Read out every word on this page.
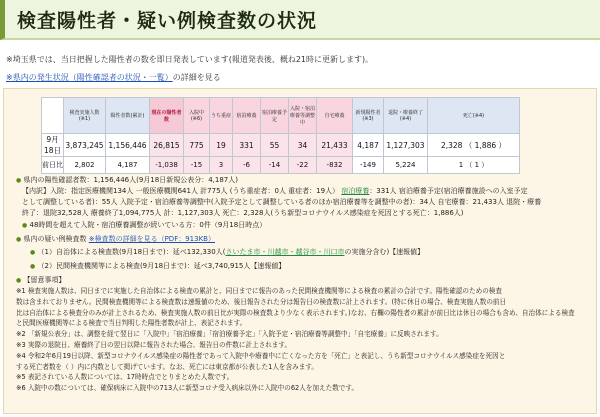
検査陽性者・疑い例検査数の状況
※埼玉県では、当日把握した陽性者の数を即日発表しています(報道発表後、概ね21時に更新します)。
※県内の発生状況（陽性確認者の状況・一覧）の詳細を見る
	検査実施人数(※1)	陽性者数(累計)	現在の陽性者数	入院中(※6)	うち重症	宿泊療養	宿泊療養予定	入院・宿泊療養等調整中	自宅療養	新規陽性者(※3)	退院・療養終了(※4)	死亡(※4)
9月18日	3,873,245	1,156,446	26,815	775	19	331	55	34	21,433	4,187	1,127,303	2,328 （ 1,886 ）
前日比	2,802	4,187	-1,038	-15	3	-6	-14	-22	-832	-149	5,224	1 （ 1 ）
● 県内の陽性確認者数：1,156,446人(9月18日新規公表分：4,187人)
【内訳】入院：指定医療機関134人 一般医療機関641人 計775人 (うち重症者：0人 重症者：19人） 宿泊療養：331人 宿泊療養予定(宿泊療養施設への入室予定
として調整している者)：55人 入院予定・宿泊療養等調整中(入院予定として調整している者のほか宿泊療養等を調整中の者)：34人 自宅療養：21,433人 退院・療養
終了：退院32,528人 療養終了1,094,775人 計：1,127,303人 死亡：2,328人(うち新型コロナウイルス感染症を死因とする死亡：1,886人)
● 48時間を超えて入院・宿泊療養調整が続いている方：0件（9月18日時点）
● 県内の疑い例検査数 ※検査数の詳細を見る（PDF：913KB）
● （1）自治体による検査数(9月18日まで)：延べ132,330人(さいたま市・川越市・越谷市・川口市の実施分含む)【速報値】
● （2）民間検査機関等による検査(9月18日まで)：延べ3,740,915人【速報値】
● 【留意事項】
※1 検査実施人数は、同日までに実施した自治体による検査の累計と、同日までに報告のあった民間検査機関等による検査の累計の合計です。陽性確認のための検査
数は含まれておりません。民間検査機関等による検査数は速報値のため、後日報告された分は報告日の検査数に計上されます。(特に休日の場合、検査実施人数の前日
比は自治体による検査分のみが計上されるため、検査実施人数の前日比が実際の検査数より少なく表示されます。)なお、右欄の陽性者の累計が前日比は休日の場合も含め、自治体による検査
と民間医療機関等による検査で当日判明した陽性者数が計上、表記されます。
※2 「新規公表分」は、調整を経て翌日に「入院中」「宿泊療養」「宿泊療養予定」「入院予定・宿泊療養等調整中」「自宅療養」に反映されます。
※3 実際の退院日、療養終了日の翌日以降に報告された場合、報告日の件数に計上されます。
※4 令和2年6月19日以降、新型コロナウイルス感染症の陽性者であって入院中や療養中に亡くなった方を「死亡」と表記し、うち新型コロナウイルス感染症を死因と
する死亡者数を（ ）内に内数として掲げています。なお、死亡には東京都が公表した1人を含みます。
※5 表記されている人数については、17時時点でとりまとめた人数です。
※6 入院中の数については、確保病床に入院中の713人に新型コロナ受入病床以外に入院中の62人を加えた数です。
